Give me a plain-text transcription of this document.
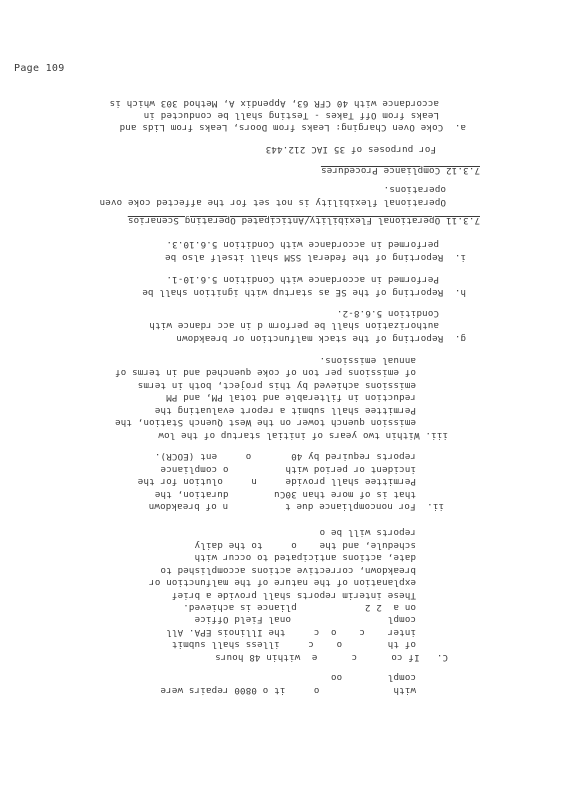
Page 109
with             o     it o 0800 repairs were
compl        oo
C.   If co      c      e  within 48 hours
of th        o    c     illess shall submit
inter    c    o  c     the Illinois EPA. All
compl                 onal Field Office
on a  2 2            pliance is achieved.
These interim reports shall provide a brief
explanation of the nature of the malfunction or
breakdown, corrective actions accomplished to
date, actions anticipated to occur with
schedule, and the    o     to the daily
reports will be o
ii.  For noncompliance due t          n of breakdown
that is of more than 30Cu        duration, the
Permittee shall provide     n     olution for the
incident or period with          o compliance
reports required by 40       o     ent (EOCR).
iii. Within two years of initial startup of the low
emission quench tower on the West Quench Station, the
Permittee shall submit a report evaluating the
reduction in filterable and total PM, and PM
emissions achieved by this project, both in terms
of emissions per ton of coke quenched and in terms of
annual emissions.
g.  Reporting of the stack malfunction or breakdown
authorization shall be perform d in acc rdance with
Condition 5.6.8-2.
h.  Reporting of the SE as startup with ignition shall be
Performed in accordance with Condition 5.6.10-1.
i.  Reporting of the federal SSM shall itself also be
performed in accordance with Condition 5.6.10.3.
7.3.11 Operational Flexibility/Anticipated Operating Scenarios
Operational flexibility is not set for the affected coke oven
operations.
7.3.12 Compliance Procedures
For purposes of 35 IAC 212.443
a.  Coke Oven Charging: Leaks from Doors, Leaks from Lids and
Leaks from Off Takes - Testing shall be conducted in
accordance with 40 CFR 63, Appendix A, Method 303 which is
